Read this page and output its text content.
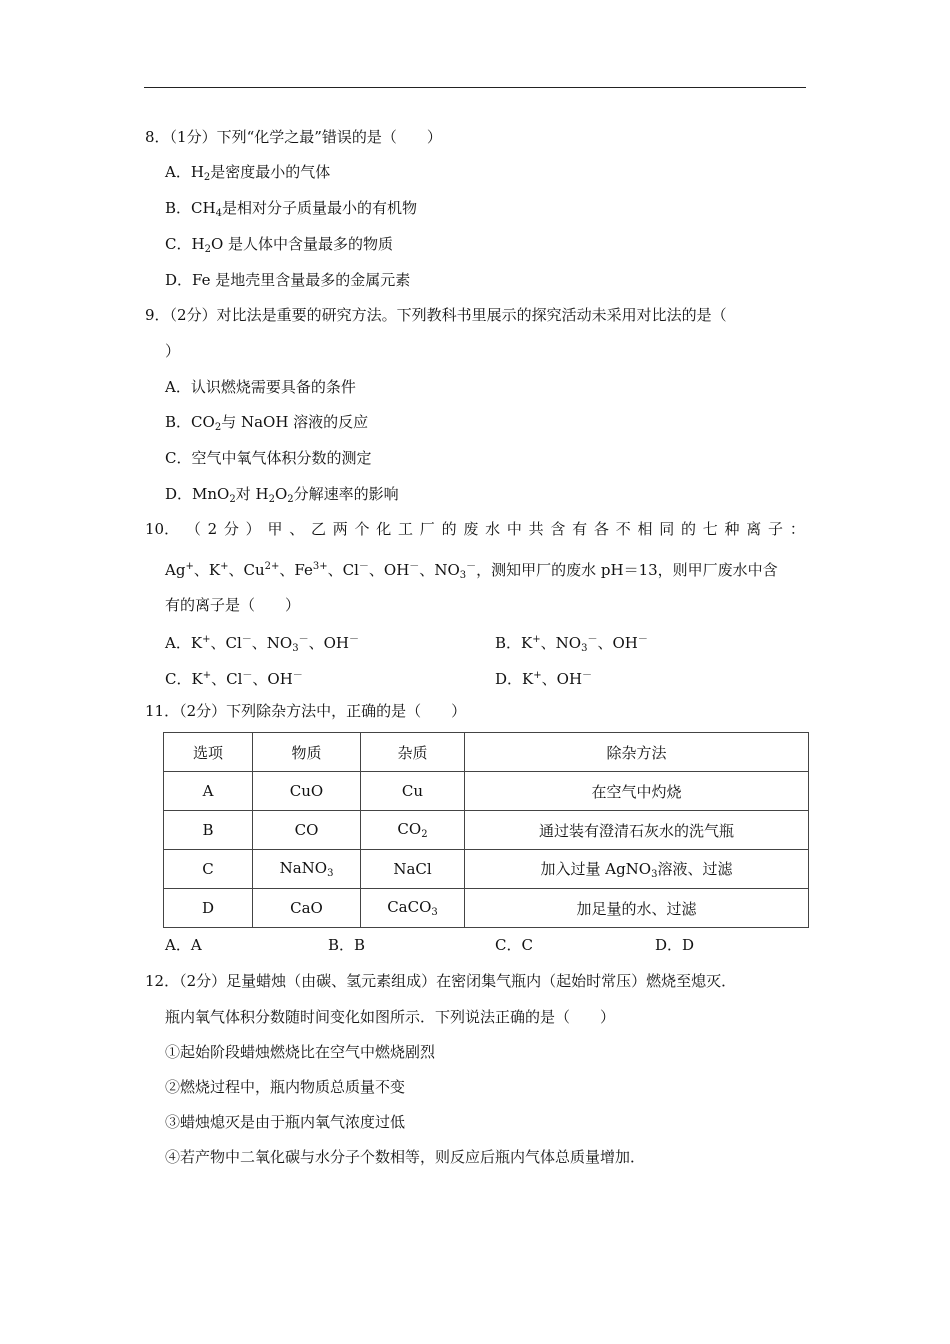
8．（1分）下列“化学之最”错误的是（　　）
A．$H_2$是密度最小的气体
B．$CH_4$是相对分子质量最小的有机物
C．$H_2O$ 是人体中含量最多的物质
D．Fe 是地壳里含量最多的金属元素
9．（2分）对比法是重要的研究方法。下列教科书里展示的探究活动未采用对比法的是（
）
A．认识燃烧需要具备的条件
B．$CO_2$与 NaOH 溶液的反应
C．空气中氧气体积分数的测定
D．MnO$_2$对 $H_2O_2$分解速率的影响
10． （ 2 分 ） 甲 、 乙 两 个 化 工 厂 的 废 水 中 共 含 有 各 不 相 同 的 七 种 离 子 ：
Ag+、K+、$Cu^{2+}$、$Fe^{3+}$、Cl－、OH－、$NO_3^-$，测知甲厂的废水 pH＝13，则甲厂废水中含
有的离子是（　　）
A．K+、Cl－、$NO_3^-$、OH－	B．K+、$NO_3^-$、OH－
C．K+、Cl－、OH－	D．K+、OH－
11．（2分）下列除杂方法中，正确的是（　　）
选项	物质	杂质	除杂方法
A	CuO	Cu	在空气中灼烧
B	CO	$CO_2$	通过装有澄清石灰水的洗气瓶
C	NaNO$_3$	NaCl	加入过量 AgNO$_3$溶液、过滤
D	CaO	CaCO$_3$	加足量的水、过滤
A．A	B．B	C．C	D．D
12．（2分）足量蜡烛（由碳、氢元素组成）在密闭集气瓶内（起始时常压）燃烧至熄灭．
瓶内氧气体积分数随时间变化如图所示．下列说法正确的是（　　）
①起始阶段蜡烛燃烧比在空气中燃烧剧烈
②燃烧过程中，瓶内物质总质量不变
③蜡烛熄灭是由于瓶内氧气浓度过低
④若产物中二氧化碳与水分子个数相等，则反应后瓶内气体总质量增加．
